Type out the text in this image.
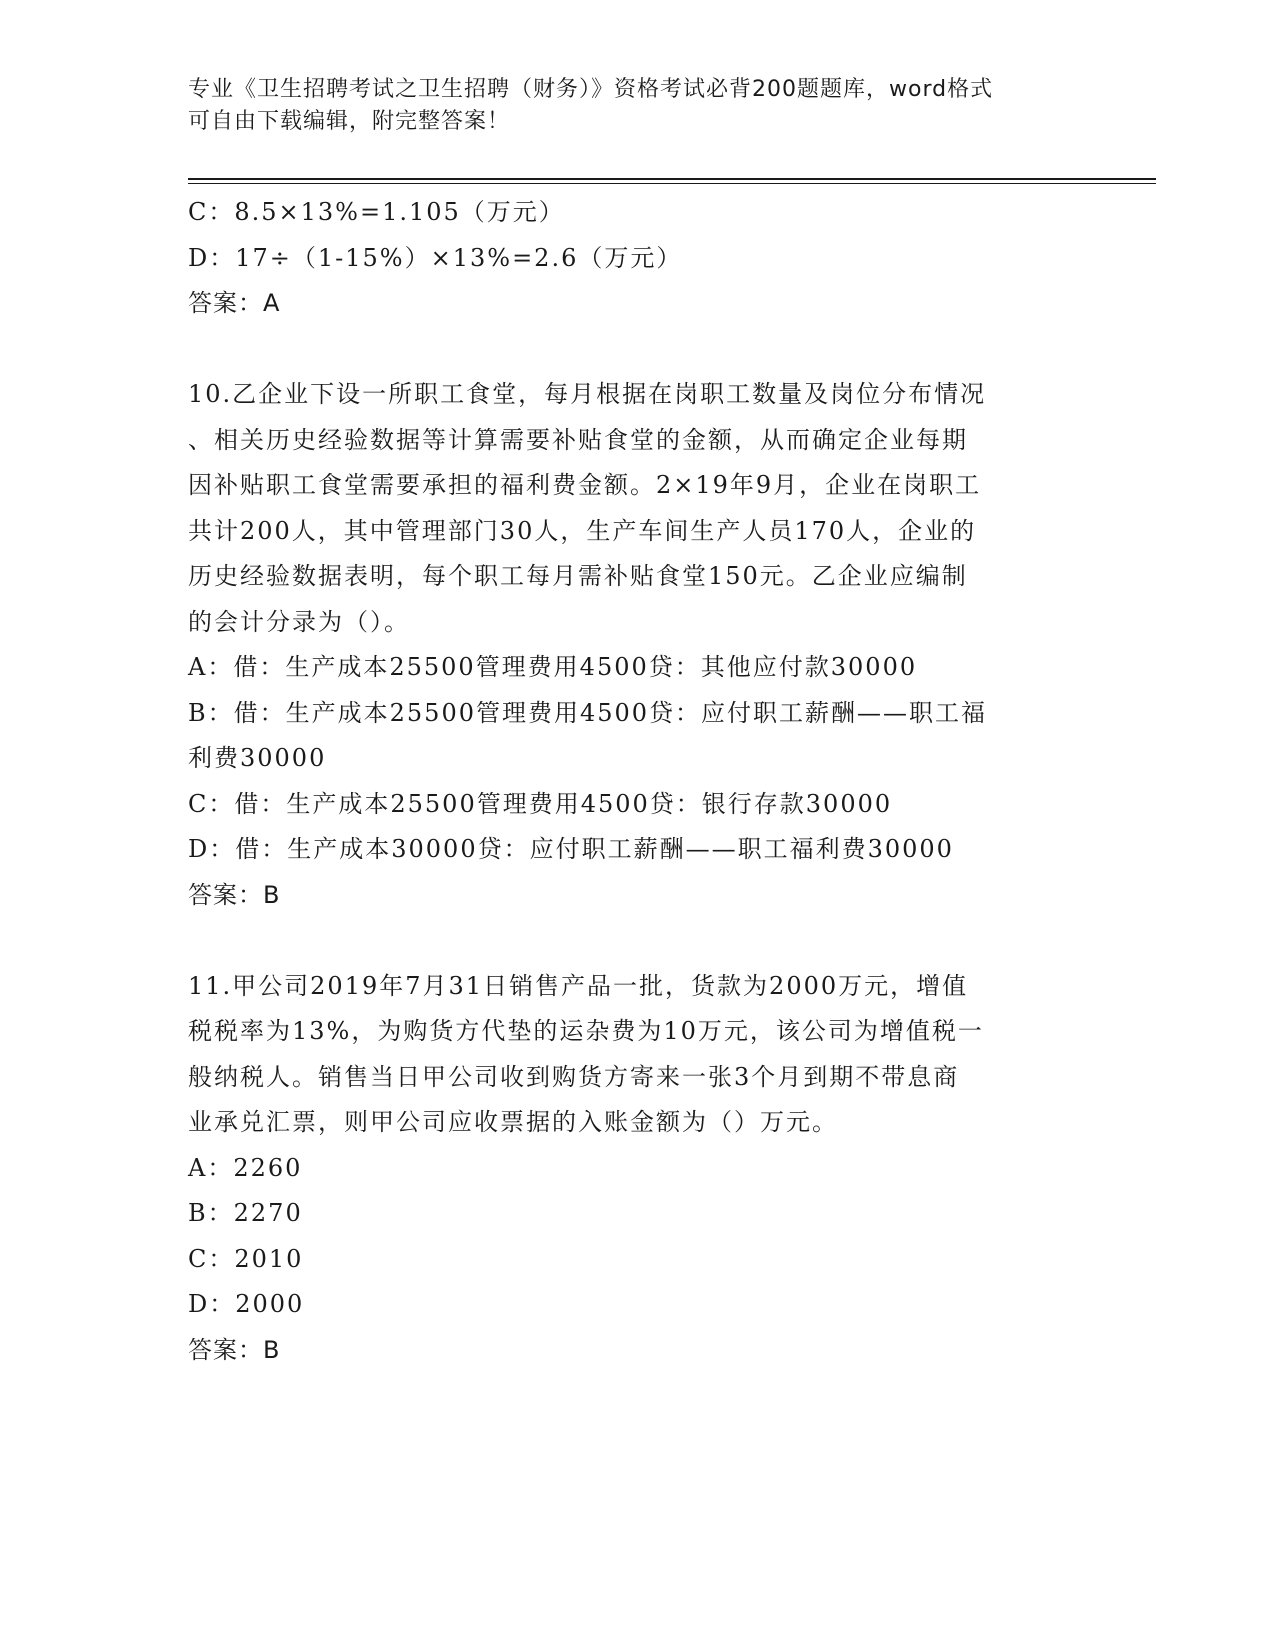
专业《卫生招聘考试之卫生招聘（财务）》资格考试必背200题题库，word格式
可自由下载编辑，附完整答案！
C：8.5×13%=1.105（万元）
D：17÷（1-15%）×13%=2.6（万元）
答案：A
10.乙企业下设一所职工食堂，每月根据在岗职工数量及岗位分布情况
、相关历史经验数据等计算需要补贴食堂的金额，从而确定企业每期
因补贴职工食堂需要承担的福利费金额。2×19年9月，企业在岗职工
共计200人，其中管理部门30人，生产车间生产人员170人，企业的
历史经验数据表明，每个职工每月需补贴食堂150元。乙企业应编制
的会计分录为（）。
A：借：生产成本25500管理费用4500贷：其他应付款30000
B：借：生产成本25500管理费用4500贷：应付职工薪酬——职工福
利费30000
C：借：生产成本25500管理费用4500贷：银行存款30000
D：借：生产成本30000贷：应付职工薪酬——职工福利费30000
答案：B
11.甲公司2019年7月31日销售产品一批，货款为2000万元，增值
税税率为13%，为购货方代垫的运杂费为10万元，该公司为增值税一
般纳税人。销售当日甲公司收到购货方寄来一张3个月到期不带息商
业承兑汇票，则甲公司应收票据的入账金额为（）万元。
A：2260
B：2270
C：2010
D：2000
答案：B
